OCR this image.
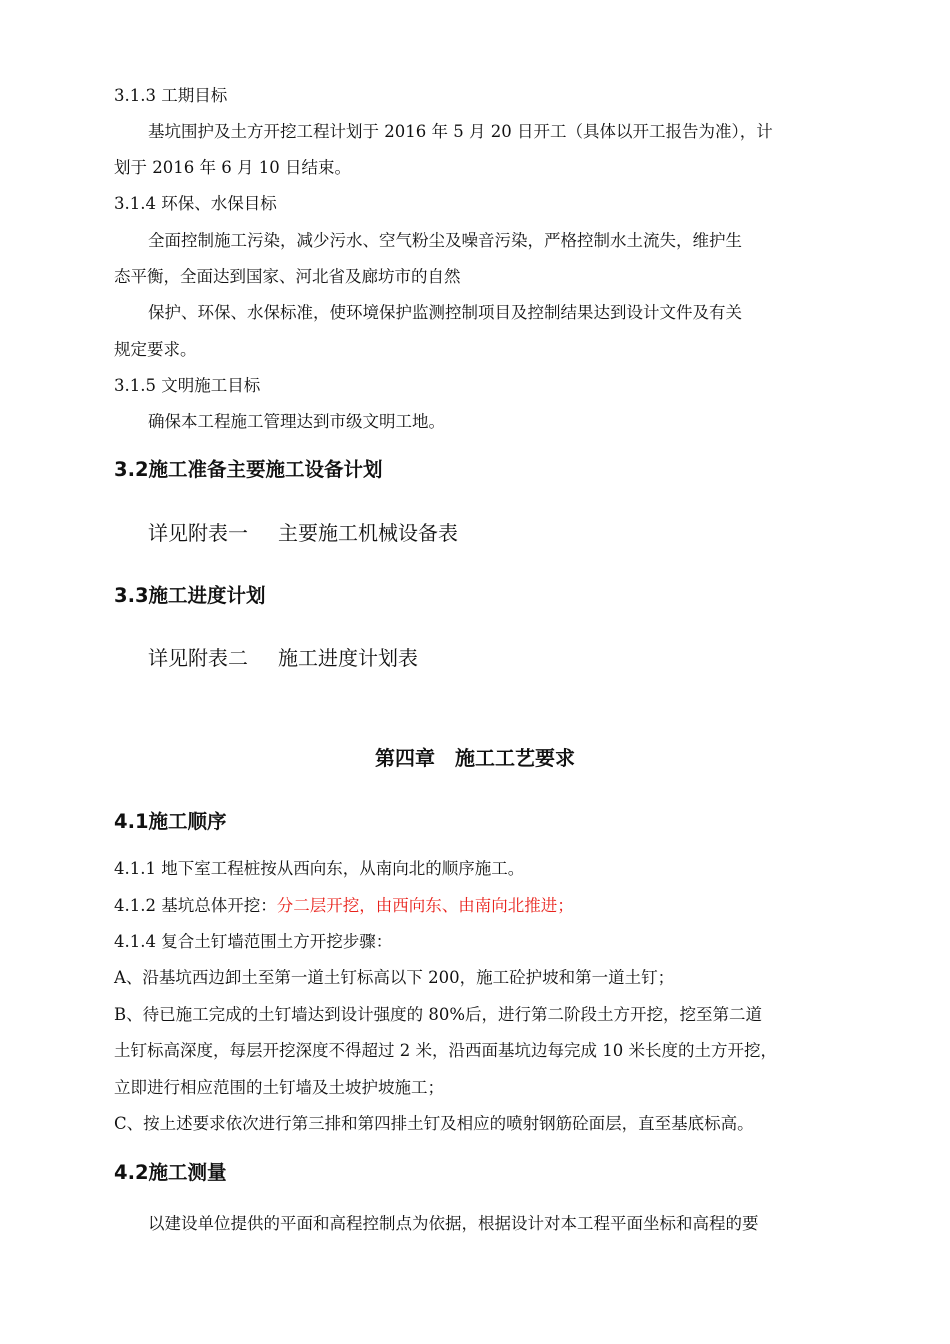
3.1.3 工期目标
基坑围护及土方开挖工程计划于 2016 年 5 月 20 日开工（具体以开工报告为准），计
划于 2016 年 6 月 10 日结束。
3.1.4 环保、水保目标
全面控制施工污染，减少污水、空气粉尘及噪音污染，严格控制水土流失，维护生
态平衡，全面达到国家、河北省及廊坊市的自然
保护、环保、水保标准，使环境保护监测控制项目及控制结果达到设计文件及有关
规定要求。
3.1.5 文明施工目标
确保本工程施工管理达到市级文明工地。
3.2施工准备主要施工设备计划
详见附表一 主要施工机械设备表
3.3施工进度计划
详见附表二 施工进度计划表
第四章　施工工艺要求
4.1施工顺序
4.1.1 地下室工程桩按从西向东，从南向北的顺序施工。
4.1.2 基坑总体开挖：分二层开挖，由西向东、由南向北推进；
4.1.4 复合土钉墙范围土方开挖步骤：
A、沿基坑西边卸土至第一道土钉标高以下 200，施工砼护坡和第一道土钉；
B、待已施工完成的土钉墙达到设计强度的 80%后，进行第二阶段土方开挖，挖至第二道
土钉标高深度，每层开挖深度不得超过 2 米，沿西面基坑边每完成 10 米长度的土方开挖，
立即进行相应范围的土钉墙及土坡护坡施工；
C、按上述要求依次进行第三排和第四排土钉及相应的喷射钢筋砼面层，直至基底标高。
4.2施工测量
以建设单位提供的平面和高程控制点为依据，根据设计对本工程平面坐标和高程的要
